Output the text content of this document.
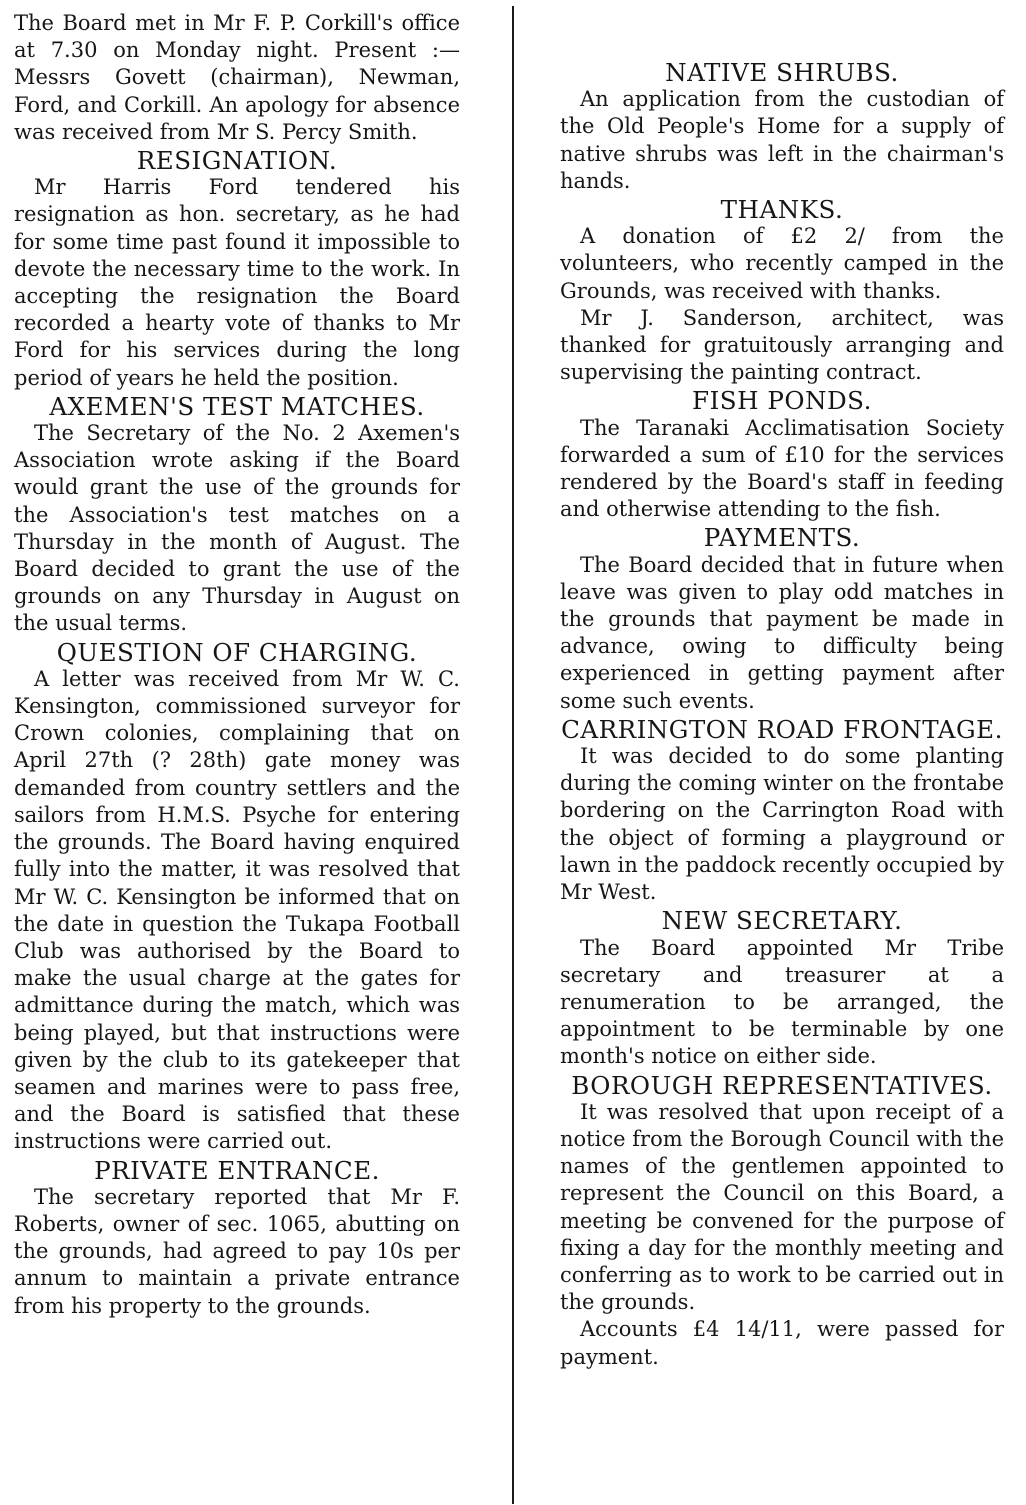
The Board met in Mr F. P. Corkill's office at 7.30 on Monday night. Present :—Messrs Govett (chairman), Newman, Ford, and Corkill. An apology for absence was received from Mr S. Percy Smith.

RESIGNATION.

Mr Harris Ford tendered his resignation as hon. secretary, as he had for some time past found it impossible to devote the necessary time to the work. In accepting the resignation the Board recorded a hearty vote of thanks to Mr Ford for his services during the long period of years he held the position.

AXEMEN'S TEST MATCHES.

The Secretary of the No. 2 Axemen's Association wrote asking if the Board would grant the use of the grounds for the Association's test matches on a Thursday in the month of August. The Board decided to grant the use of the grounds on any Thursday in August on the usual terms.

QUESTION OF CHARGING.

A letter was received from Mr W. C. Kensington, commissioned surveyor for Crown colonies, complaining that on April 27th (? 28th) gate money was demanded from country settlers and the sailors from H.M.S. Psyche for entering the grounds. The Board having enquired fully into the matter, it was resolved that Mr W. C. Kensington be informed that on the date in question the Tukapa Football Club was authorised by the Board to make the usual charge at the gates for admittance during the match, which was being played, but that instructions were given by the club to its gatekeeper that seamen and marines were to pass free, and the Board is satisfied that these instructions were carried out.

PRIVATE ENTRANCE.

The secretary reported that Mr F. Roberts, owner of sec. 1065, abutting on the grounds, had agreed to pay 10s per annum to maintain a private entrance from his property to the grounds.

NATIVE SHRUBS.

An application from the custodian of the Old People's Home for a supply of native shrubs was left in the chairman's hands.

THANKS.

A donation of £2 2/ from the volunteers, who recently camped in the Grounds, was received with thanks.

Mr J. Sanderson, architect, was thanked for gratuitously arranging and supervising the painting contract.

FISH PONDS.

The Taranaki Acclimatisation Society forwarded a sum of £10 for the services rendered by the Board's staff in feeding and otherwise attending to the fish.

PAYMENTS.

The Board decided that in future when leave was given to play odd matches in the grounds that payment be made in advance, owing to difficulty being experienced in getting payment after some such events.

CARRINGTON ROAD FRONTAGE.

It was decided to do some planting during the coming winter on the frontabe bordering on the Carrington Road with the object of forming a playground or lawn in the paddock recently occupied by Mr West.

NEW SECRETARY.

The Board appointed Mr Tribe secretary and treasurer at a renumeration to be arranged, the appointment to be terminable by one month's notice on either side.

BOROUGH REPRESENTATIVES.

It was resolved that upon receipt of a notice from the Borough Council with the names of the gentlemen appointed to represent the Council on this Board, a meeting be convened for the purpose of fixing a day for the monthly meeting and conferring as to work to be carried out in the grounds.

Accounts £4 14/11, were passed for payment.
